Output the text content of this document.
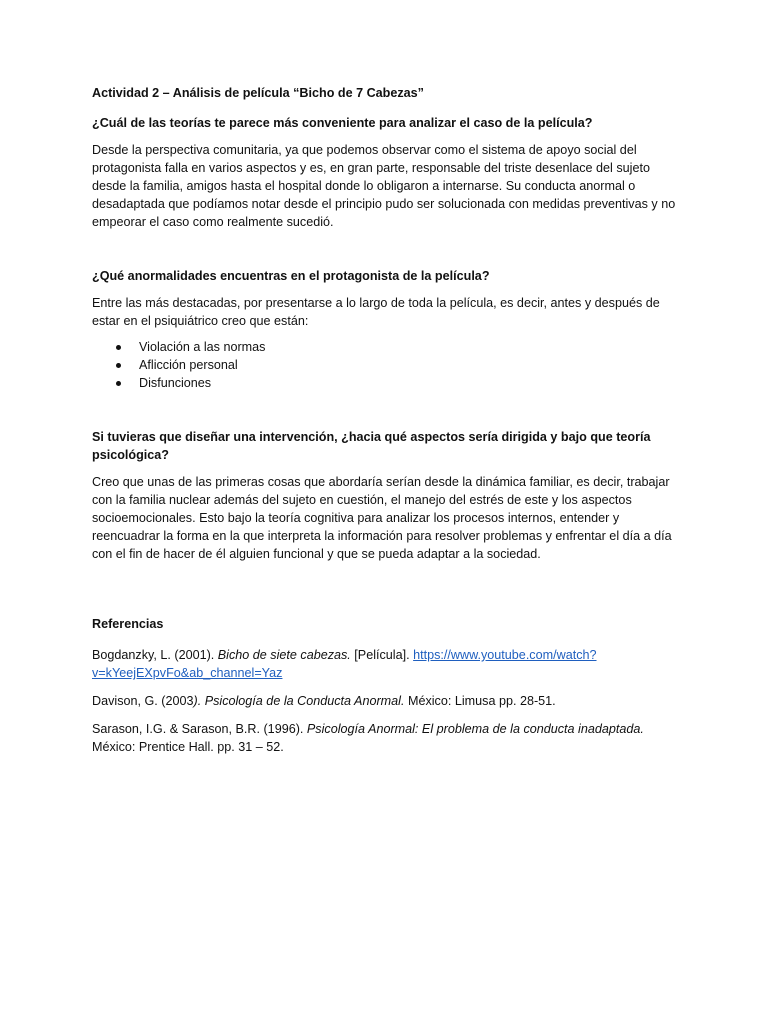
Actividad 2 – Análisis de película “Bicho de 7 Cabezas”

¿Cuál de las teorías te parece más conveniente para analizar el caso de la película?

Desde la perspectiva comunitaria, ya que podemos observar como el sistema de apoyo social del protagonista falla en varios aspectos y es, en gran parte, responsable del triste desenlace del sujeto desde la familia, amigos hasta el hospital donde lo obligaron a internarse. Su conducta anormal o desadaptada que podíamos notar desde el principio pudo ser solucionada con medidas preventivas y no empeorar el caso como realmente sucedió.

¿Qué anormalidades encuentras en el protagonista de la película?

Entre las más destacadas, por presentarse a lo largo de toda la película, es decir, antes y después de estar en el psiquiátrico creo que están:

Violación a las normas
Aflicción personal
Disfunciones

Si tuvieras que diseñar una intervención, ¿hacia qué aspectos sería dirigida y bajo que teoría psicológica?

Creo que unas de las primeras cosas que abordaría serían desde la dinámica familiar, es decir, trabajar con la familia nuclear además del sujeto en cuestión, el manejo del estrés de este y los aspectos socioemocionales. Esto bajo la teoría cognitiva para analizar los procesos internos, entender y reencuadrar la forma en la que interpreta la información para resolver problemas y enfrentar el día a día con el fin de hacer de él alguien funcional y que se pueda adaptar a la sociedad.

Referencias

Bogdanzky, L. (2001). Bicho de siete cabezas. [Película]. https://www.youtube.com/watch?v=kYeejEXpvFo&ab_channel=Yaz

Davison, G. (2003). Psicología de la Conducta Anormal. México: Limusa pp. 28-51.

Sarason, I.G. & Sarason, B.R. (1996). Psicología Anormal: El problema de la conducta inadaptada. México: Prentice Hall. pp. 31 – 52.
